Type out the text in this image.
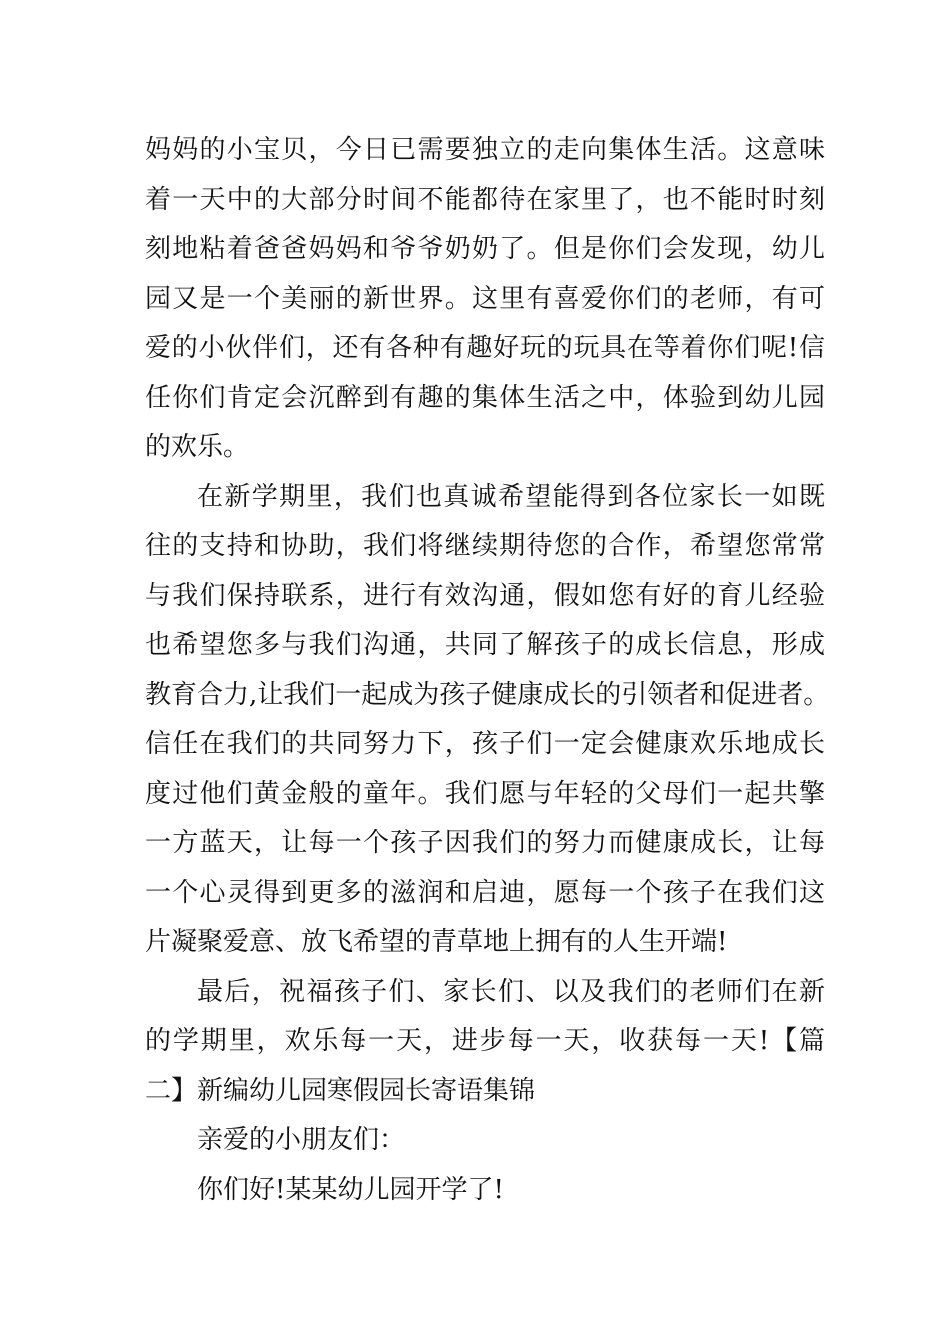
妈妈的小宝贝，今日已需要独立的走向集体生活。这意味
着一天中的大部分时间不能都待在家里了，也不能时时刻
刻地粘着爸爸妈妈和爷爷奶奶了。但是你们会发现，幼儿
园又是一个美丽的新世界。这里有喜爱你们的老师，有可
爱的小伙伴们，还有各种有趣好玩的玩具在等着你们呢!信
任你们肯定会沉醉到有趣的集体生活之中，体验到幼儿园
的欢乐。
在新学期里，我们也真诚希望能得到各位家长一如既
往的支持和协助，我们将继续期待您的合作，希望您常常
与我们保持联系，进行有效沟通，假如您有好的育儿经验
也希望您多与我们沟通，共同了解孩子的成长信息，形成
教育合力,让我们一起成为孩子健康成长的引领者和促进者。
信任在我们的共同努力下，孩子们一定会健康欢乐地成长
度过他们黄金般的童年。我们愿与年轻的父母们一起共擎
一方蓝天，让每一个孩子因我们的努力而健康成长，让每
一个心灵得到更多的滋润和启迪，愿每一个孩子在我们这
片凝聚爱意、放飞希望的青草地上拥有的人生开端!
最后，祝福孩子们、家长们、以及我们的老师们在新
的学期里，欢乐每一天，进步每一天，收获每一天!【篇
二】新编幼儿园寒假园长寄语集锦
亲爱的小朋友们：
你们好!某某幼儿园开学了!
